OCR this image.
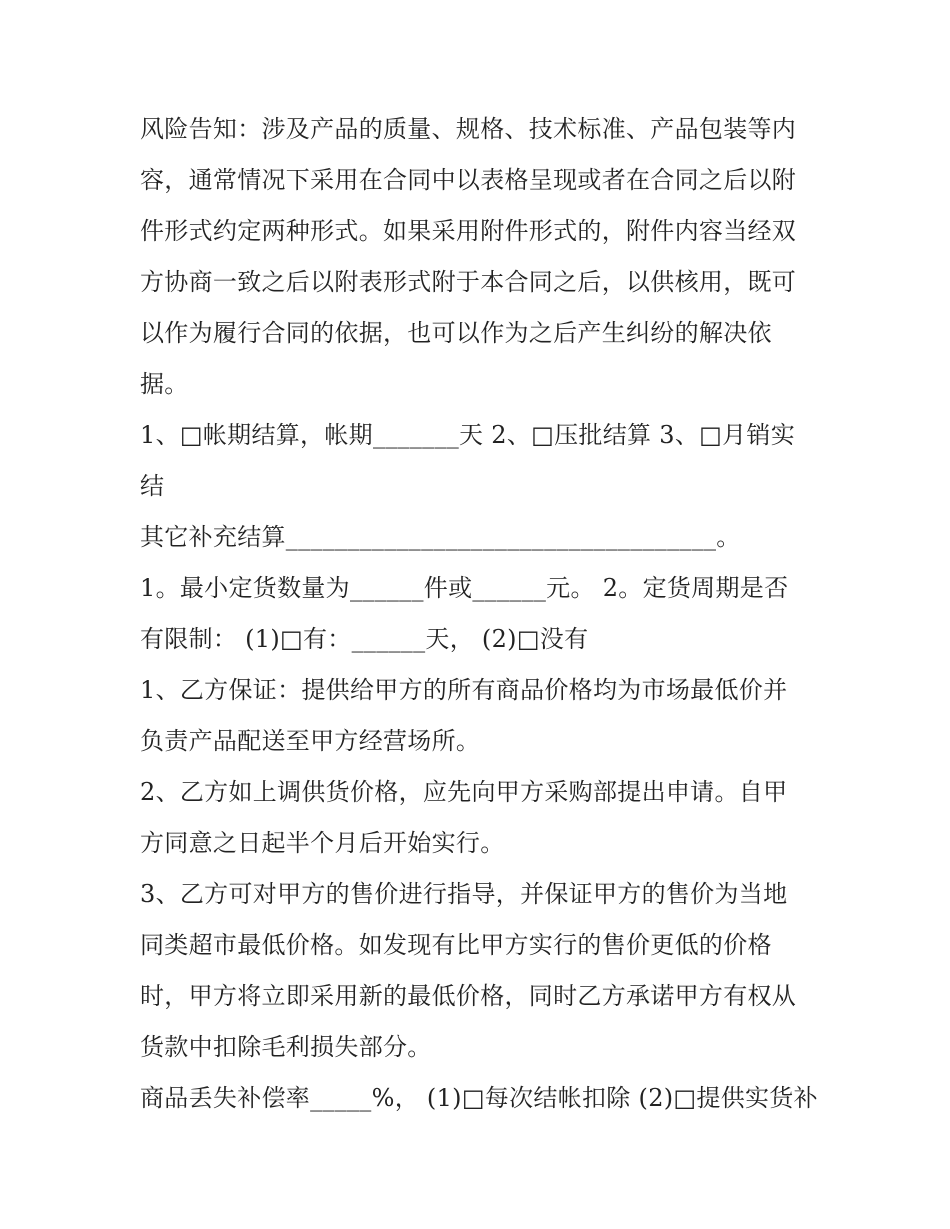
风险告知：涉及产品的质量、规格、技术标准、产品包装等内

容，通常情况下采用在合同中以表格呈现或者在合同之后以附

件形式约定两种形式。如果采用附件形式的，附件内容当经双

方协商一致之后以附表形式附于本合同之后，以供核用，既可

以作为履行合同的依据，也可以作为之后产生纠纷的解决依

据。

1、□帐期结算，帐期_______天 2、□压批结算 3、□月销实

结

其它补充结算___________________________________。

1。最小定货数量为______件或______元。 2。定货周期是否

有限制： (1)□有：______天， (2)□没有

1、乙方保证：提供给甲方的所有商品价格均为市场最低价并

负责产品配送至甲方经营场所。

2、乙方如上调供货价格，应先向甲方采购部提出申请。自甲

方同意之日起半个月后开始实行。

3、乙方可对甲方的售价进行指导，并保证甲方的售价为当地

同类超市最低价格。如发现有比甲方实行的售价更低的价格

时，甲方将立即采用新的最低价格，同时乙方承诺甲方有权从

货款中扣除毛利损失部分。

商品丢失补偿率_____%， (1)□每次结帐扣除 (2)□提供实货补
